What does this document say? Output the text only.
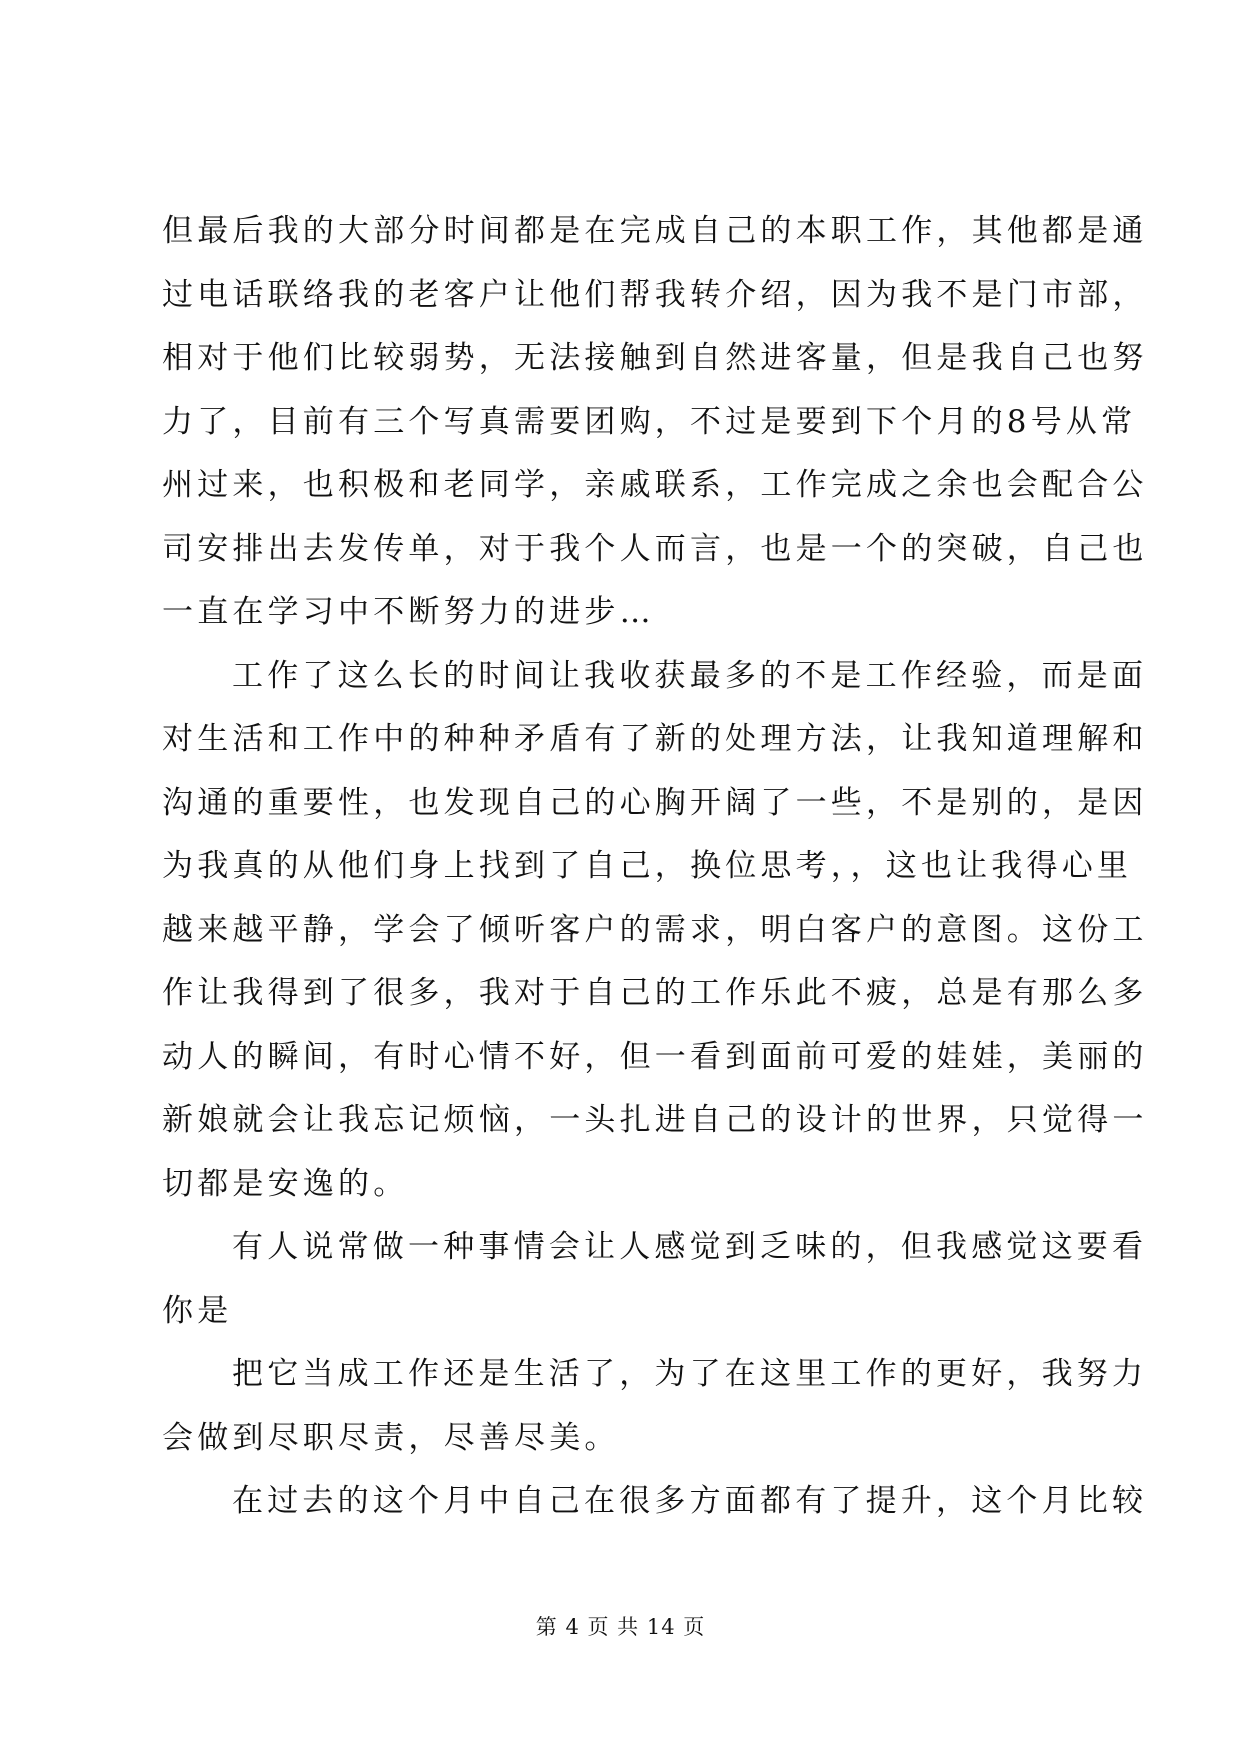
但最后我的大部分时间都是在完成自己的本职工作，其他都是通
过电话联络我的老客户让他们帮我转介绍，因为我不是门市部，
相对于他们比较弱势，无法接触到自然进客量，但是我自己也努
力了，目前有三个写真需要团购，不过是要到下个月的8号从常
州过来，也积极和老同学，亲戚联系，工作完成之余也会配合公
司安排出去发传单，对于我个人而言，也是一个的突破，自己也
一直在学习中不断努力的进步…
工作了这么长的时间让我收获最多的不是工作经验，而是面
对生活和工作中的种种矛盾有了新的处理方法，让我知道理解和
沟通的重要性，也发现自己的心胸开阔了一些，不是别的，是因
为我真的从他们身上找到了自己，换位思考，，这也让我得心里
越来越平静，学会了倾听客户的需求，明白客户的意图。这份工
作让我得到了很多，我对于自己的工作乐此不疲，总是有那么多
动人的瞬间，有时心情不好，但一看到面前可爱的娃娃，美丽的
新娘就会让我忘记烦恼，一头扎进自己的设计的世界，只觉得一
切都是安逸的。
有人说常做一种事情会让人感觉到乏味的，但我感觉这要看
你是
把它当成工作还是生活了，为了在这里工作的更好，我努力
会做到尽职尽责，尽善尽美。
在过去的这个月中自己在很多方面都有了提升，这个月比较
第 4 页 共 14 页
